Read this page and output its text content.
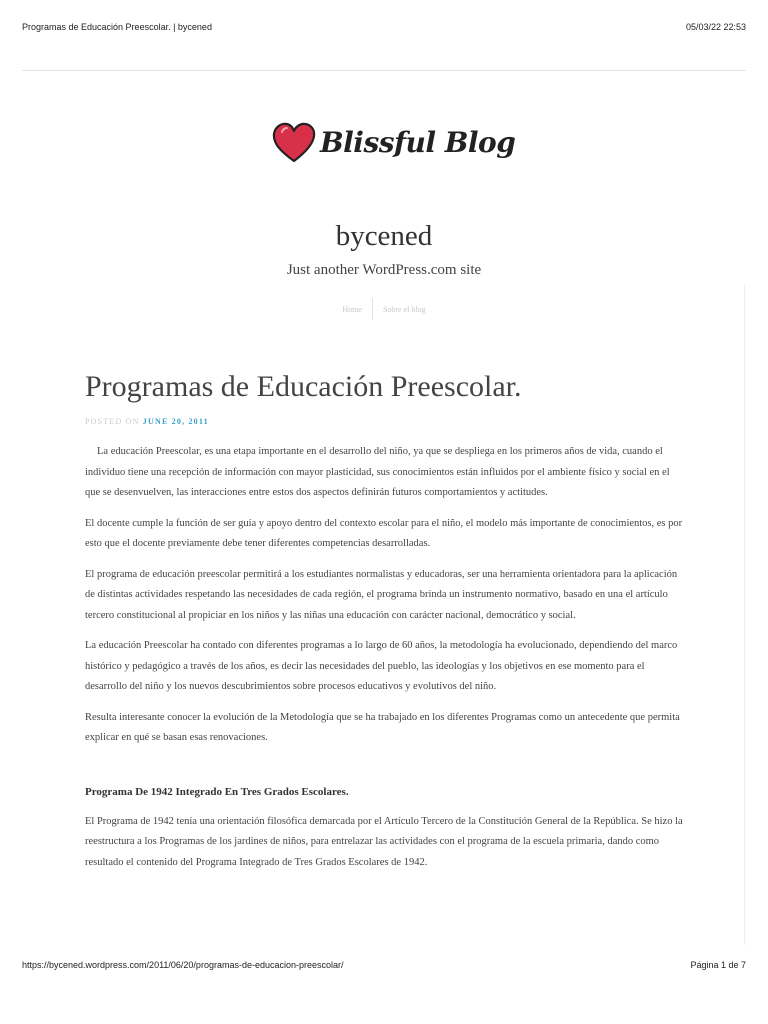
Programas de Educación Preescolar. | bycened	05/03/22 22:53
Blissful Blog
bycened
Just another WordPress.com site
Home	Sobre el blog
Programas de Educación Preescolar.
POSTED ON JUNE 20, 2011

La educación Preescolar, es una etapa importante en el desarrollo del niño, ya que se despliega en los primeros años de vida, cuando el individuo tiene una recepción de información con mayor plasticidad, sus conocimientos están influidos por el ambiente físico y social en el que se desenvuelven, las interacciones entre estos dos aspectos definirán futuros comportamientos y actitudes.

El docente cumple la función de ser guía y apoyo dentro del contexto escolar para el niño, el modelo más importante de conocimientos, es por esto que el docente previamente debe tener diferentes competencias desarrolladas.

El programa de educación preescolar permitirá a los estudiantes normalistas y educadoras, ser una herramienta orientadora para la aplicación de distintas actividades respetando las necesidades de cada región, el programa brinda un instrumento normativo, basado en una el artículo tercero constitucional al propiciar en los niños y las niñas una educación con carácter nacional, democrático y social.

La educación Preescolar ha contado con diferentes programas a lo largo de 60 años, la metodología ha evolucionado, dependiendo del marco histórico y pedagógico a través de los años, es decir las necesidades del pueblo, las ideologías y los objetivos en ese momento para el desarrollo del niño y los nuevos descubrimientos sobre procesos educativos y evolutivos del niño.

Resulta interesante conocer la evolución de la Metodología que se ha trabajado en los diferentes Programas como un antecedente que permita explicar en qué se basan esas renovaciones.

Programa De 1942 Integrado En Tres Grados Escolares.

El Programa de 1942 tenía una orientación filosófica demarcada por el Artículo Tercero de la Constitución General de la República. Se hizo la reestructura a los Programas de los jardines de niños, para entrelazar las actividades con el programa de la escuela primaria, dando como resultado el contenido del Programa Integrado de Tres Grados Escolares de 1942.

https://bycened.wordpress.com/2011/06/20/programas-de-educacion-preescolar/	Página 1 de 7
